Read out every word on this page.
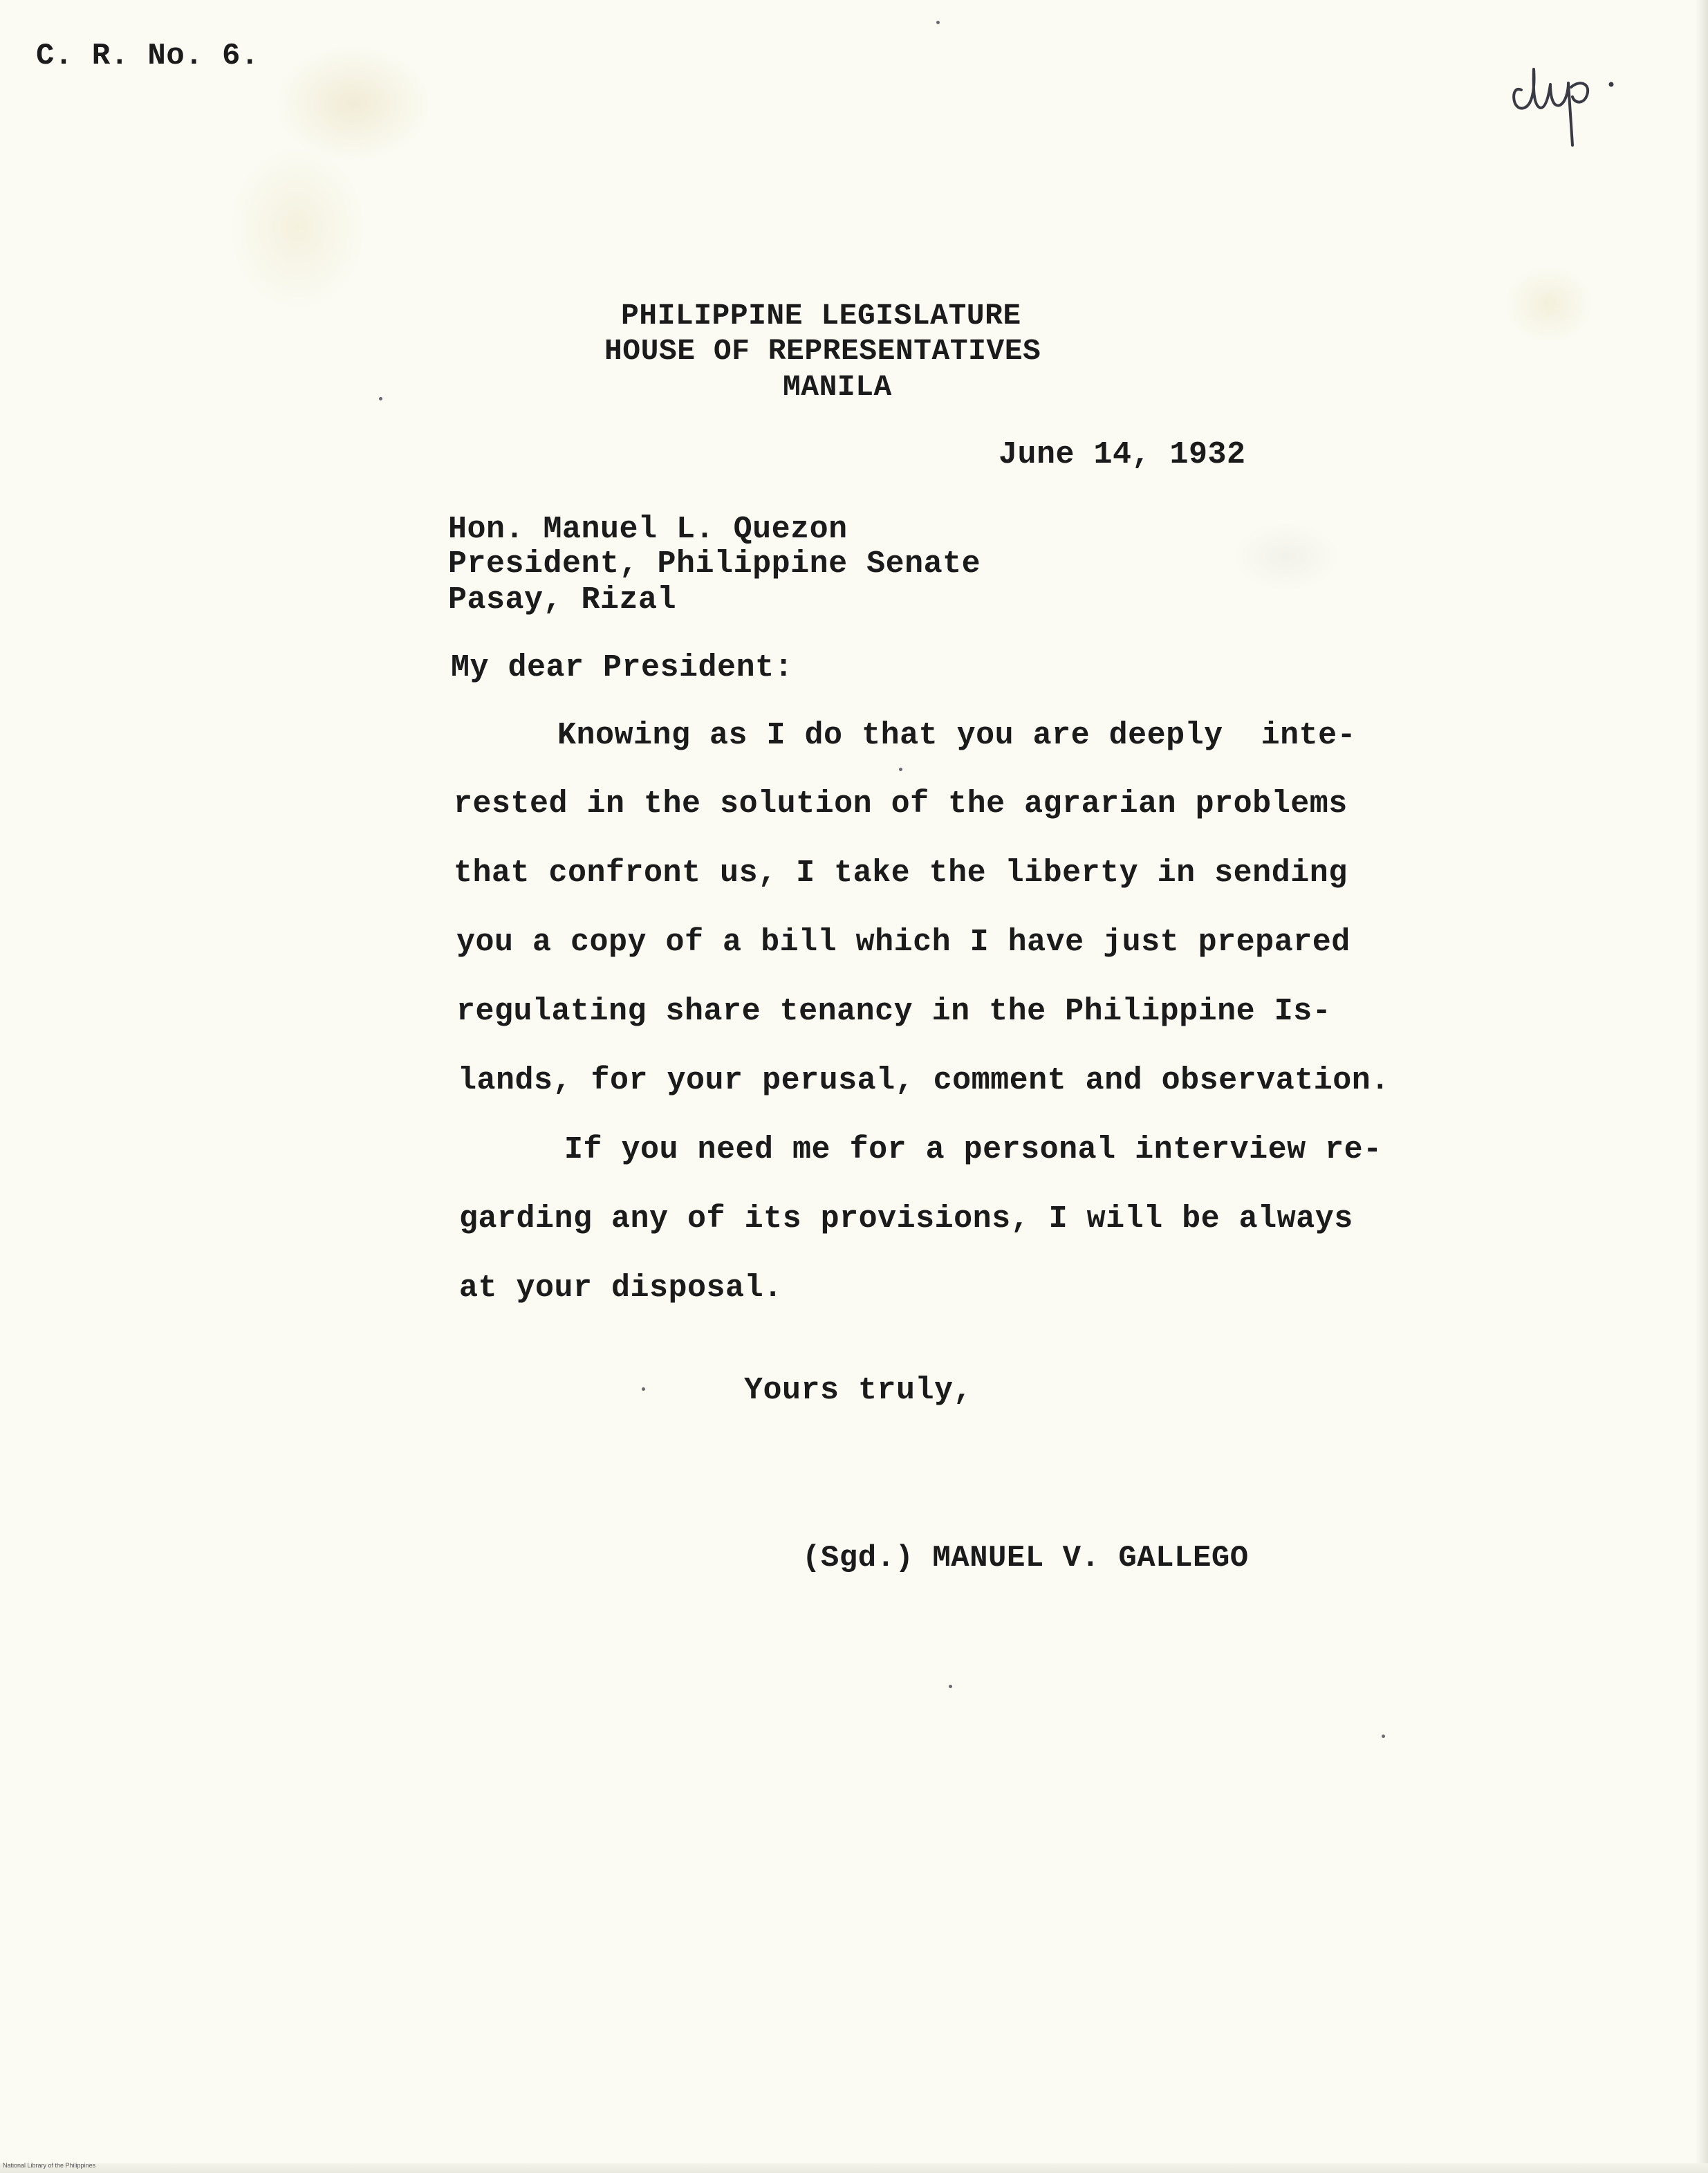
C. R. No. 6.
PHILIPPINE LEGISLATURE
HOUSE OF REPRESENTATIVES
MANILA
June 14, 1932
Hon. Manuel L. Quezon
President, Philippine Senate
Pasay, Rizal
My dear President:
Knowing as I do that you are deeply  inte-
rested in the solution of the agrarian problems
that confront us, I take the liberty in sending
you a copy of a bill which I have just prepared
regulating share tenancy in the Philippine Is-
lands, for your perusal, comment and observation.
If you need me for a personal interview re-
garding any of its provisions, I will be always
at your disposal.
Yours truly,
(Sgd.) MANUEL V. GALLEGO
National Library of the Philippines
